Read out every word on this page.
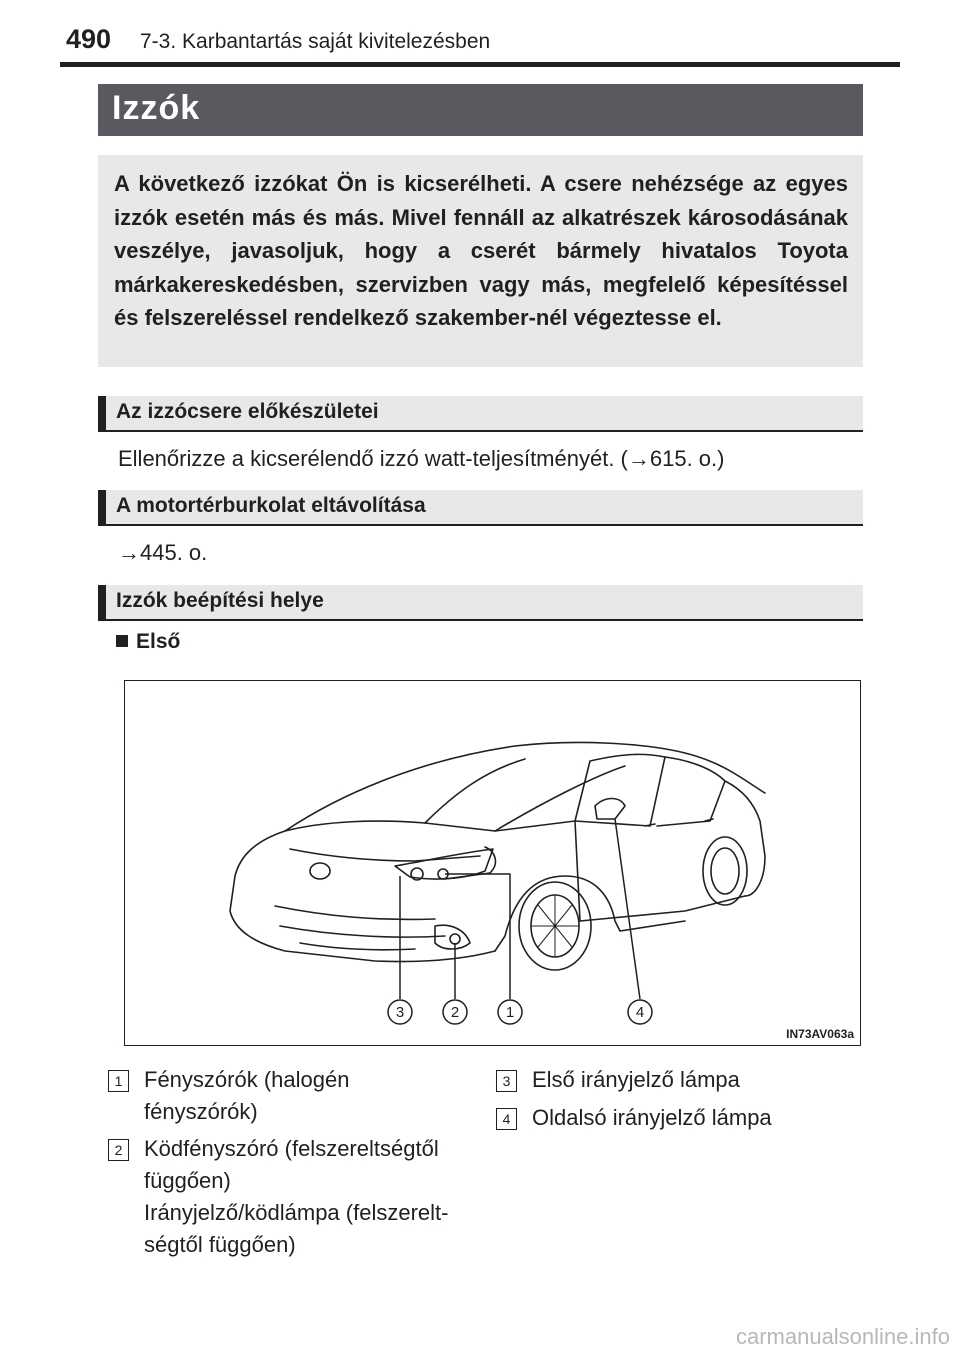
490 7-3. Karbantartás saját kivitelezésben
Izzók
A következő izzókat Ön is kicserélheti. A csere nehézsége az egyes izzók esetén más és más. Mivel fennáll az alkatrészek károsodásának veszélye, javasoljuk, hogy a cserét bármely hivatalos Toyota márkakereskedésben, szervizben vagy más, megfelelő képesítéssel és felszereléssel rendelkező szakember-nél végeztesse el.
Az izzócsere előkészületei
Ellenőrizze a kicserélendő izzó watt-teljesítményét. (→615. o.)
A motortérburkolat eltávolítása
→445. o.
Izzók beépítési helye
Első
3	2	1	4
IN73AV063a
1 Fényszórók (halogén
fényszórók)
2 Ködfényszóró (felszereltségtől
függően)
Irányjelző/ködlámpa (felszerelt-
ségtől függően)
3 Első irányjelző lámpa
4 Oldalsó irányjelző lámpa
carmanualsonline.info
